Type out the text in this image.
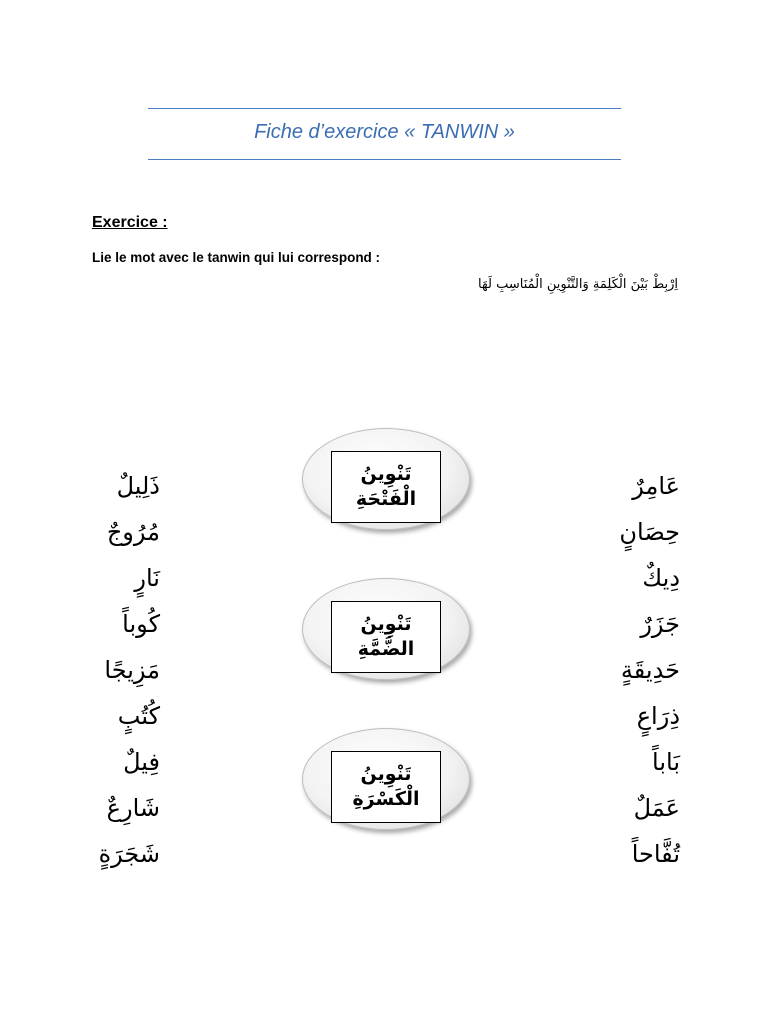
Fiche d’exercice « TANWIN »
Exercice :
Lie le mot avec le tanwin qui lui correspond :
اِرْبِطْ بَيْنَ الْكَلِمَةِ وَالتَّنْوِينِ الْمُنَاسِبِ لَهَا
ذَلِيلٌ
مُرُوجٌ
نَارٍ
كُوباً
مَزِيجًا
كُتُبٍ
فِيلٌ
شَارِعٌ
شَجَرَةٍ
عَامِرٌ
حِصَانٍ
دِيكٌ
جَزَرٌ
حَدِيقَةٍ
ذِرَاعٍ
بَاباً
عَمَلٌ
تُفَّاحاً
تَنْوِينُ
الْفَتْحَةِ
تَنْوِينُ
الضَّمَّةِ
تَنْوِينُ
الْكَسْرَةِ
